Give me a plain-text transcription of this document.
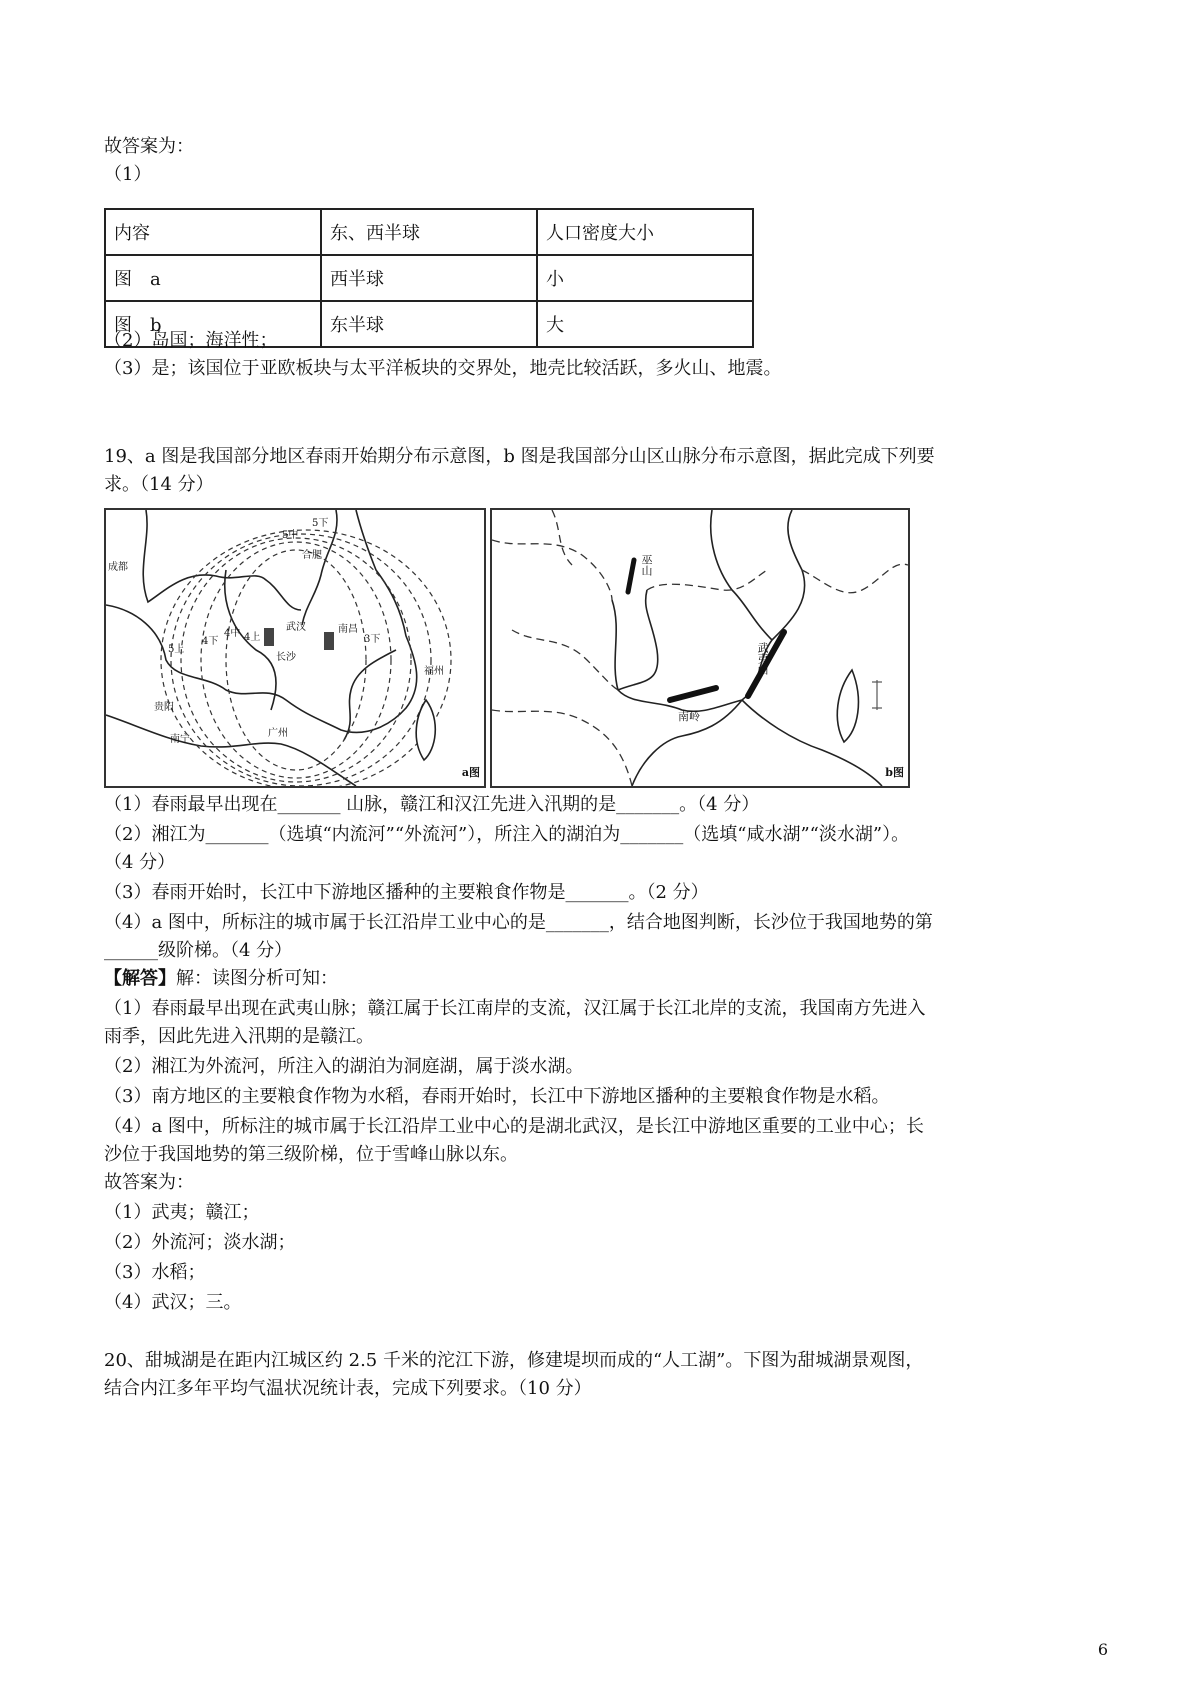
故答案为：
（1）
内容	东、西半球	人口密度大小
图　a	西半球	小
图　b	东半球	大
（2）岛国；海洋性；
（3）是；该国位于亚欧板块与太平洋板块的交界处，地壳比较活跃，多火山、地震。
19、a 图是我国部分地区春雨开始期分布示意图，b 图是我国部分山区山脉分布示意图，据此完成下列要
求。（14 分）
成都
合肥
武汉	南昌
长沙
贵阳
福州
南宁
广州
5中
5下
5上
4下
4中 4上	3下
a图
巫山
武夷山
南岭
b图
（1）春雨最早出现在_______ 山脉，赣江和汉江先进入汛期的是_______。（4 分）
（2）湘江为_______（选填“内流河”“外流河”），所注入的湖泊为_______（选填“咸水湖”“淡水湖”）。
（4 分）
（3）春雨开始时，长江中下游地区播种的主要粮食作物是_______。（2 分）
（4）a 图中，所标注的城市属于长江沿岸工业中心的是_______，结合地图判断，长沙位于我国地势的第
______级阶梯。（4 分）
【解答】解：读图分析可知：
（1）春雨最早出现在武夷山脉；赣江属于长江南岸的支流，汉江属于长江北岸的支流，我国南方先进入
雨季，因此先进入汛期的是赣江。
（2）湘江为外流河，所注入的湖泊为洞庭湖，属于淡水湖。
（3）南方地区的主要粮食作物为水稻，春雨开始时，长江中下游地区播种的主要粮食作物是水稻。
（4）a 图中，所标注的城市属于长江沿岸工业中心的是湖北武汉，是长江中游地区重要的工业中心；长
沙位于我国地势的第三级阶梯，位于雪峰山脉以东。
故答案为：
（1）武夷；赣江；
（2）外流河；淡水湖；
（3）水稻；
（4）武汉；三。
20、甜城湖是在距内江城区约 2.5 千米的沱江下游，修建堤坝而成的“人工湖”。下图为甜城湖景观图，
结合内江多年平均气温状况统计表，完成下列要求。（10 分）
6
